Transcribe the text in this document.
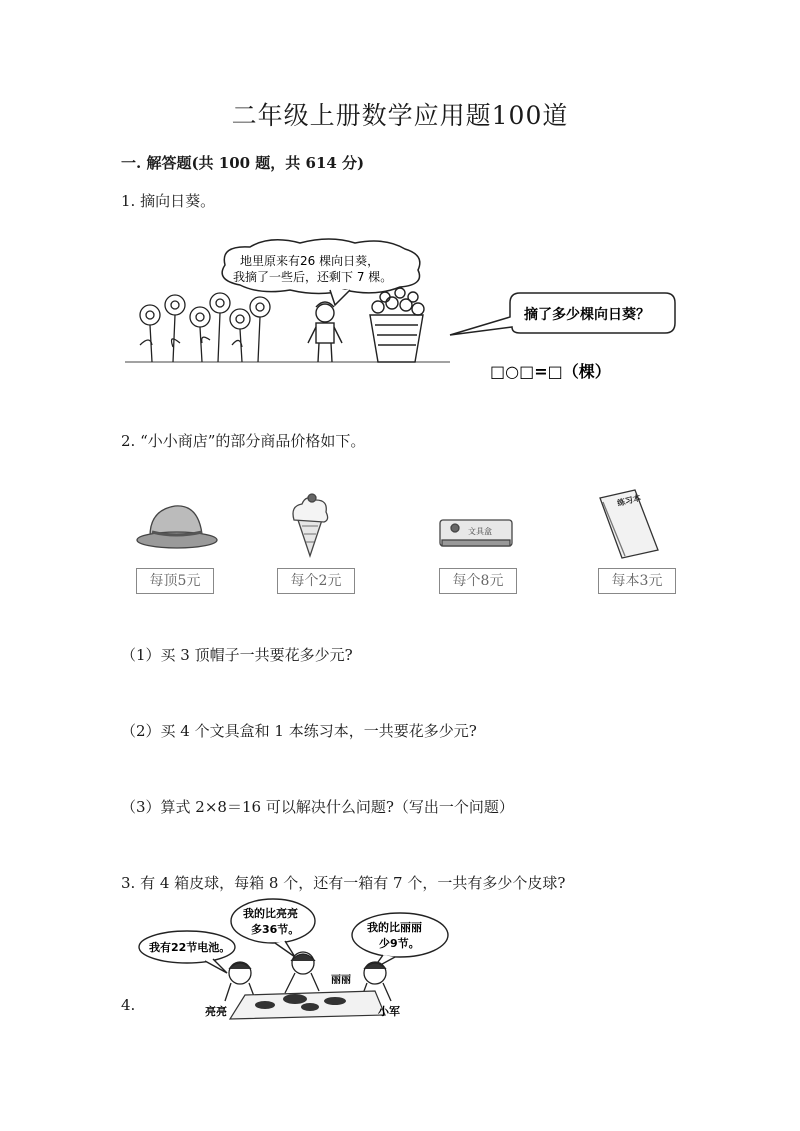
二年级上册数学应用题100道
一. 解答题(共 100 题，共 614 分)
1. 摘向日葵。
地里原来有26 棵向日葵，
我摘了一些后，还剩下 7 棵。
摘了多少棵向日葵？
□○□=□（棵）
2. “小小商店”的部分商品价格如下。
文具盒
练习本
每顶5元	每个2元	每个8元	每本3元
（1）买 3 顶帽子一共要花多少元?
（2）买 4 个文具盒和 1 本练习本，一共要花多少元?
（3）算式 2×8＝16 可以解决什么问题?（写出一个问题）
3. 有 4 箱皮球，每箱 8 个，还有一箱有 7 个，一共有多少个皮球?
4.
我有22节电池。
我的比亮亮
多36节。	我的比丽丽
少9节。
亮亮
丽丽
小军
